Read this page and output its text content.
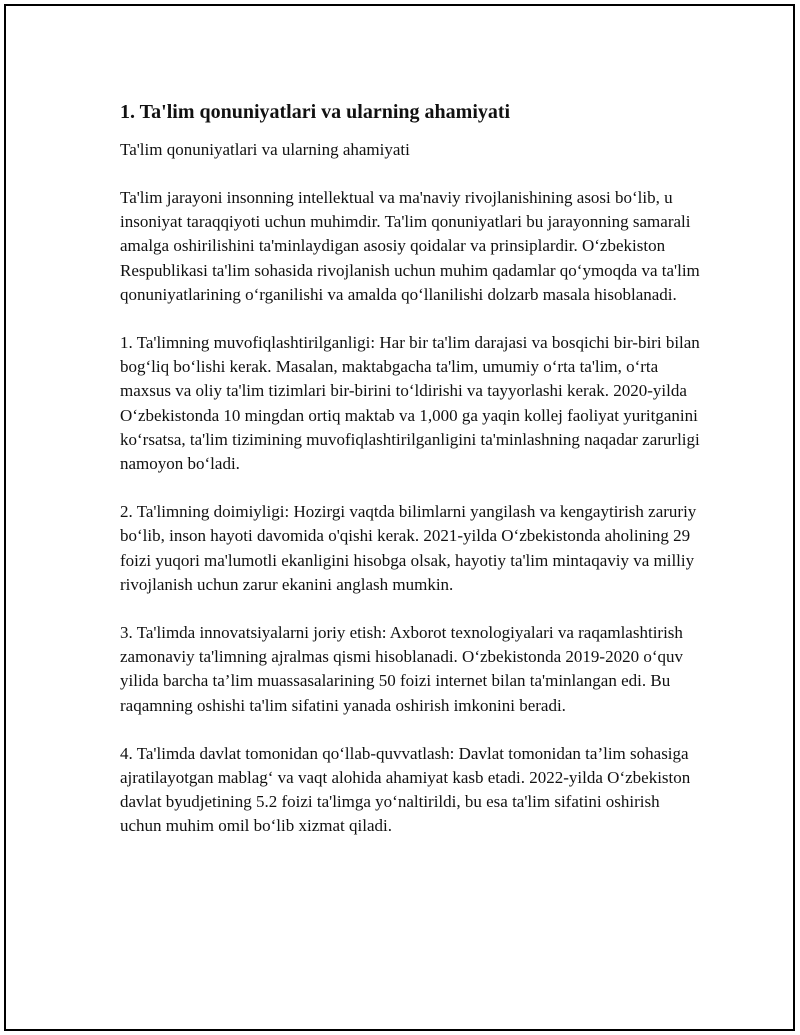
1. Ta'lim qonuniyatlari va ularning ahamiyati

Ta'lim qonuniyatlari va ularning ahamiyati

Ta'lim jarayoni insonning intellektual va ma'naviy rivojlanishining asosi bo‘lib, u insoniyat taraqqiyoti uchun muhimdir. Ta'lim qonuniyatlari bu jarayonning samarali amalga oshirilishini ta'minlaydigan asosiy qoidalar va prinsiplardir. O‘zbekiston Respublikasi ta'lim sohasida rivojlanish uchun muhim qadamlar qo‘ymoqda va ta'lim qonuniyatlarining o‘rganilishi va amalda qo‘llanilishi dolzarb masala hisoblanadi.

1. Ta'limning muvofiqlashtirilganligi: Har bir ta'lim darajasi va bosqichi bir-biri bilan bog‘liq bo‘lishi kerak. Masalan, maktabgacha ta'lim, umumiy o‘rta ta'lim, o‘rta maxsus va oliy ta'lim tizimlari bir-birini to‘ldirishi va tayyorlashi kerak. 2020-yilda O‘zbekistonda 10 mingdan ortiq maktab va 1,000 ga yaqin kollej faoliyat yuritganini ko‘rsatsa, ta'lim tizimining muvofiqlashtirilganligini ta'minlashning naqadar zarurligi namoyon bo‘ladi.

2. Ta'limning doimiyligi: Hozirgi vaqtda bilimlarni yangilash va kengaytirish zaruriy bo‘lib, inson hayoti davomida o'qishi kerak. 2021-yilda O‘zbekistonda aholining 29 foizi yuqori ma'lumotli ekanligini hisobga olsak, hayotiy ta'lim mintaqaviy va milliy rivojlanish uchun zarur ekanini anglash mumkin.

3. Ta'limda innovatsiyalarni joriy etish: Axborot texnologiyalari va raqamlashtirish zamonaviy ta'limning ajralmas qismi hisoblanadi. O‘zbekistonda 2019-2020 o‘quv yilida barcha ta’lim muassasalarining 50 foizi internet bilan ta'minlangan edi. Bu raqamning oshishi ta'lim sifatini yanada oshirish imkonini beradi.

4. Ta'limda davlat tomonidan qo‘llab-quvvatlash: Davlat tomonidan ta’lim sohasiga ajratilayotgan mablag‘ va vaqt alohida ahamiyat kasb etadi. 2022-yilda O‘zbekiston davlat byudjetining 5.2 foizi ta'limga yo‘naltirildi, bu esa ta'lim sifatini oshirish uchun muhim omil bo‘lib xizmat qiladi.
